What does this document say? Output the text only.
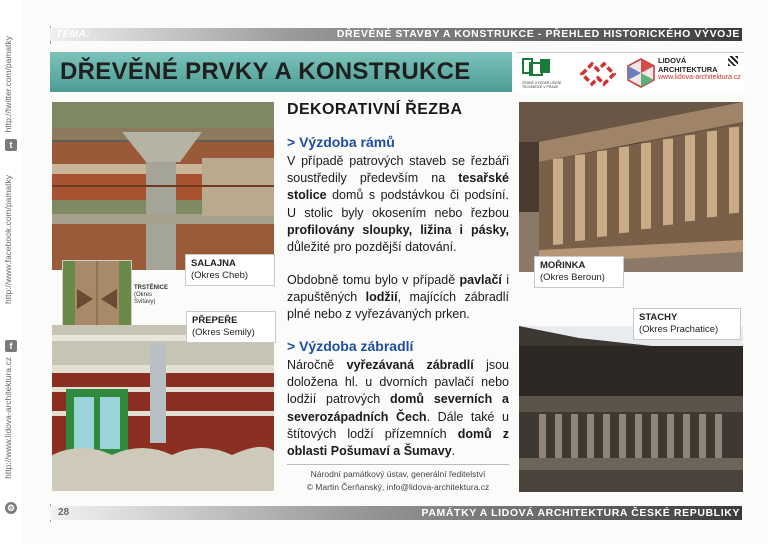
http://twitter.com/pamatky
t
http://www.facebook.com/pamatky
f
http://www.lidova-architektura.cz
⚙
TÉMA:	DŘEVĚNÉ STAVBY A KONSTRUKCE - PŘEHLED HISTORICKÉHO VÝVOJE
DŘEVĚNÉ PRVKY A KONSTRUKCE	ČESKÉ VYSOKÉ UČENÍ TECHNICKÉ V PRAZE
LIDOVÁ
ARCHITEKTURA
www.lidova-architektura.cz
SALAJNA
(Okres Cheb)
TRSTĚNICE
(Okres
Svitavy)
PŘEPEŘE
(Okres Semily)
DEKORATIVNÍ ŘEZBA
> Výzdoba rámů
V případě patrových staveb se řezbáři soustředily především na tesařské stolice domů s podstávkou či podsíní. U stolic byly okosením nebo řezbou profilovány sloupky, ližina i pásky, důležité pro pozdější datování.
Obdobně tomu bylo v případě pavlačí i zapuštěných lodžií, majících zábradlí plné nebo z vyřezávaných prken.
> Výzdoba zábradlí
Náročně vyřezávaná zábradlí jsou doložena hl. u dvorních pavlačí nebo lodžií patrových domů severních a severozápadních Čech. Dále také u štítových lodží přízemních domů z oblasti Pošumaví a Šumavy.
Národní památkový ústav, generální ředitelství
© Martin Čerňanský, info@lidova-architektura.cz
MOŘINKA
(Okres Beroun)
STACHY
(Okres Prachatice)
28	PAMÁTKY A LIDOVÁ ARCHITEKTURA ČESKÉ REPUBLIKY
